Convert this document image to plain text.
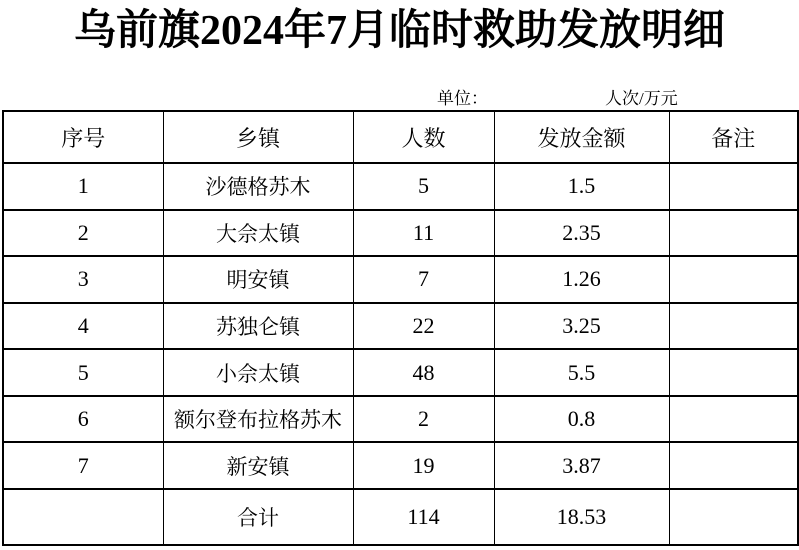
乌前旗2024年7月临时救助发放明细
单位：	人次/万元
序号	乡镇	人数	发放金额	备注
1	沙德格苏木	5	1.5	
2	大佘太镇	11	2.35	
3	明安镇	7	1.26	
4	苏独仑镇	22	3.25	
5	小佘太镇	48	5.5	
6	额尔登布拉格苏木	2	0.8	
7	新安镇	19	3.87	
	合计	114	18.53	
